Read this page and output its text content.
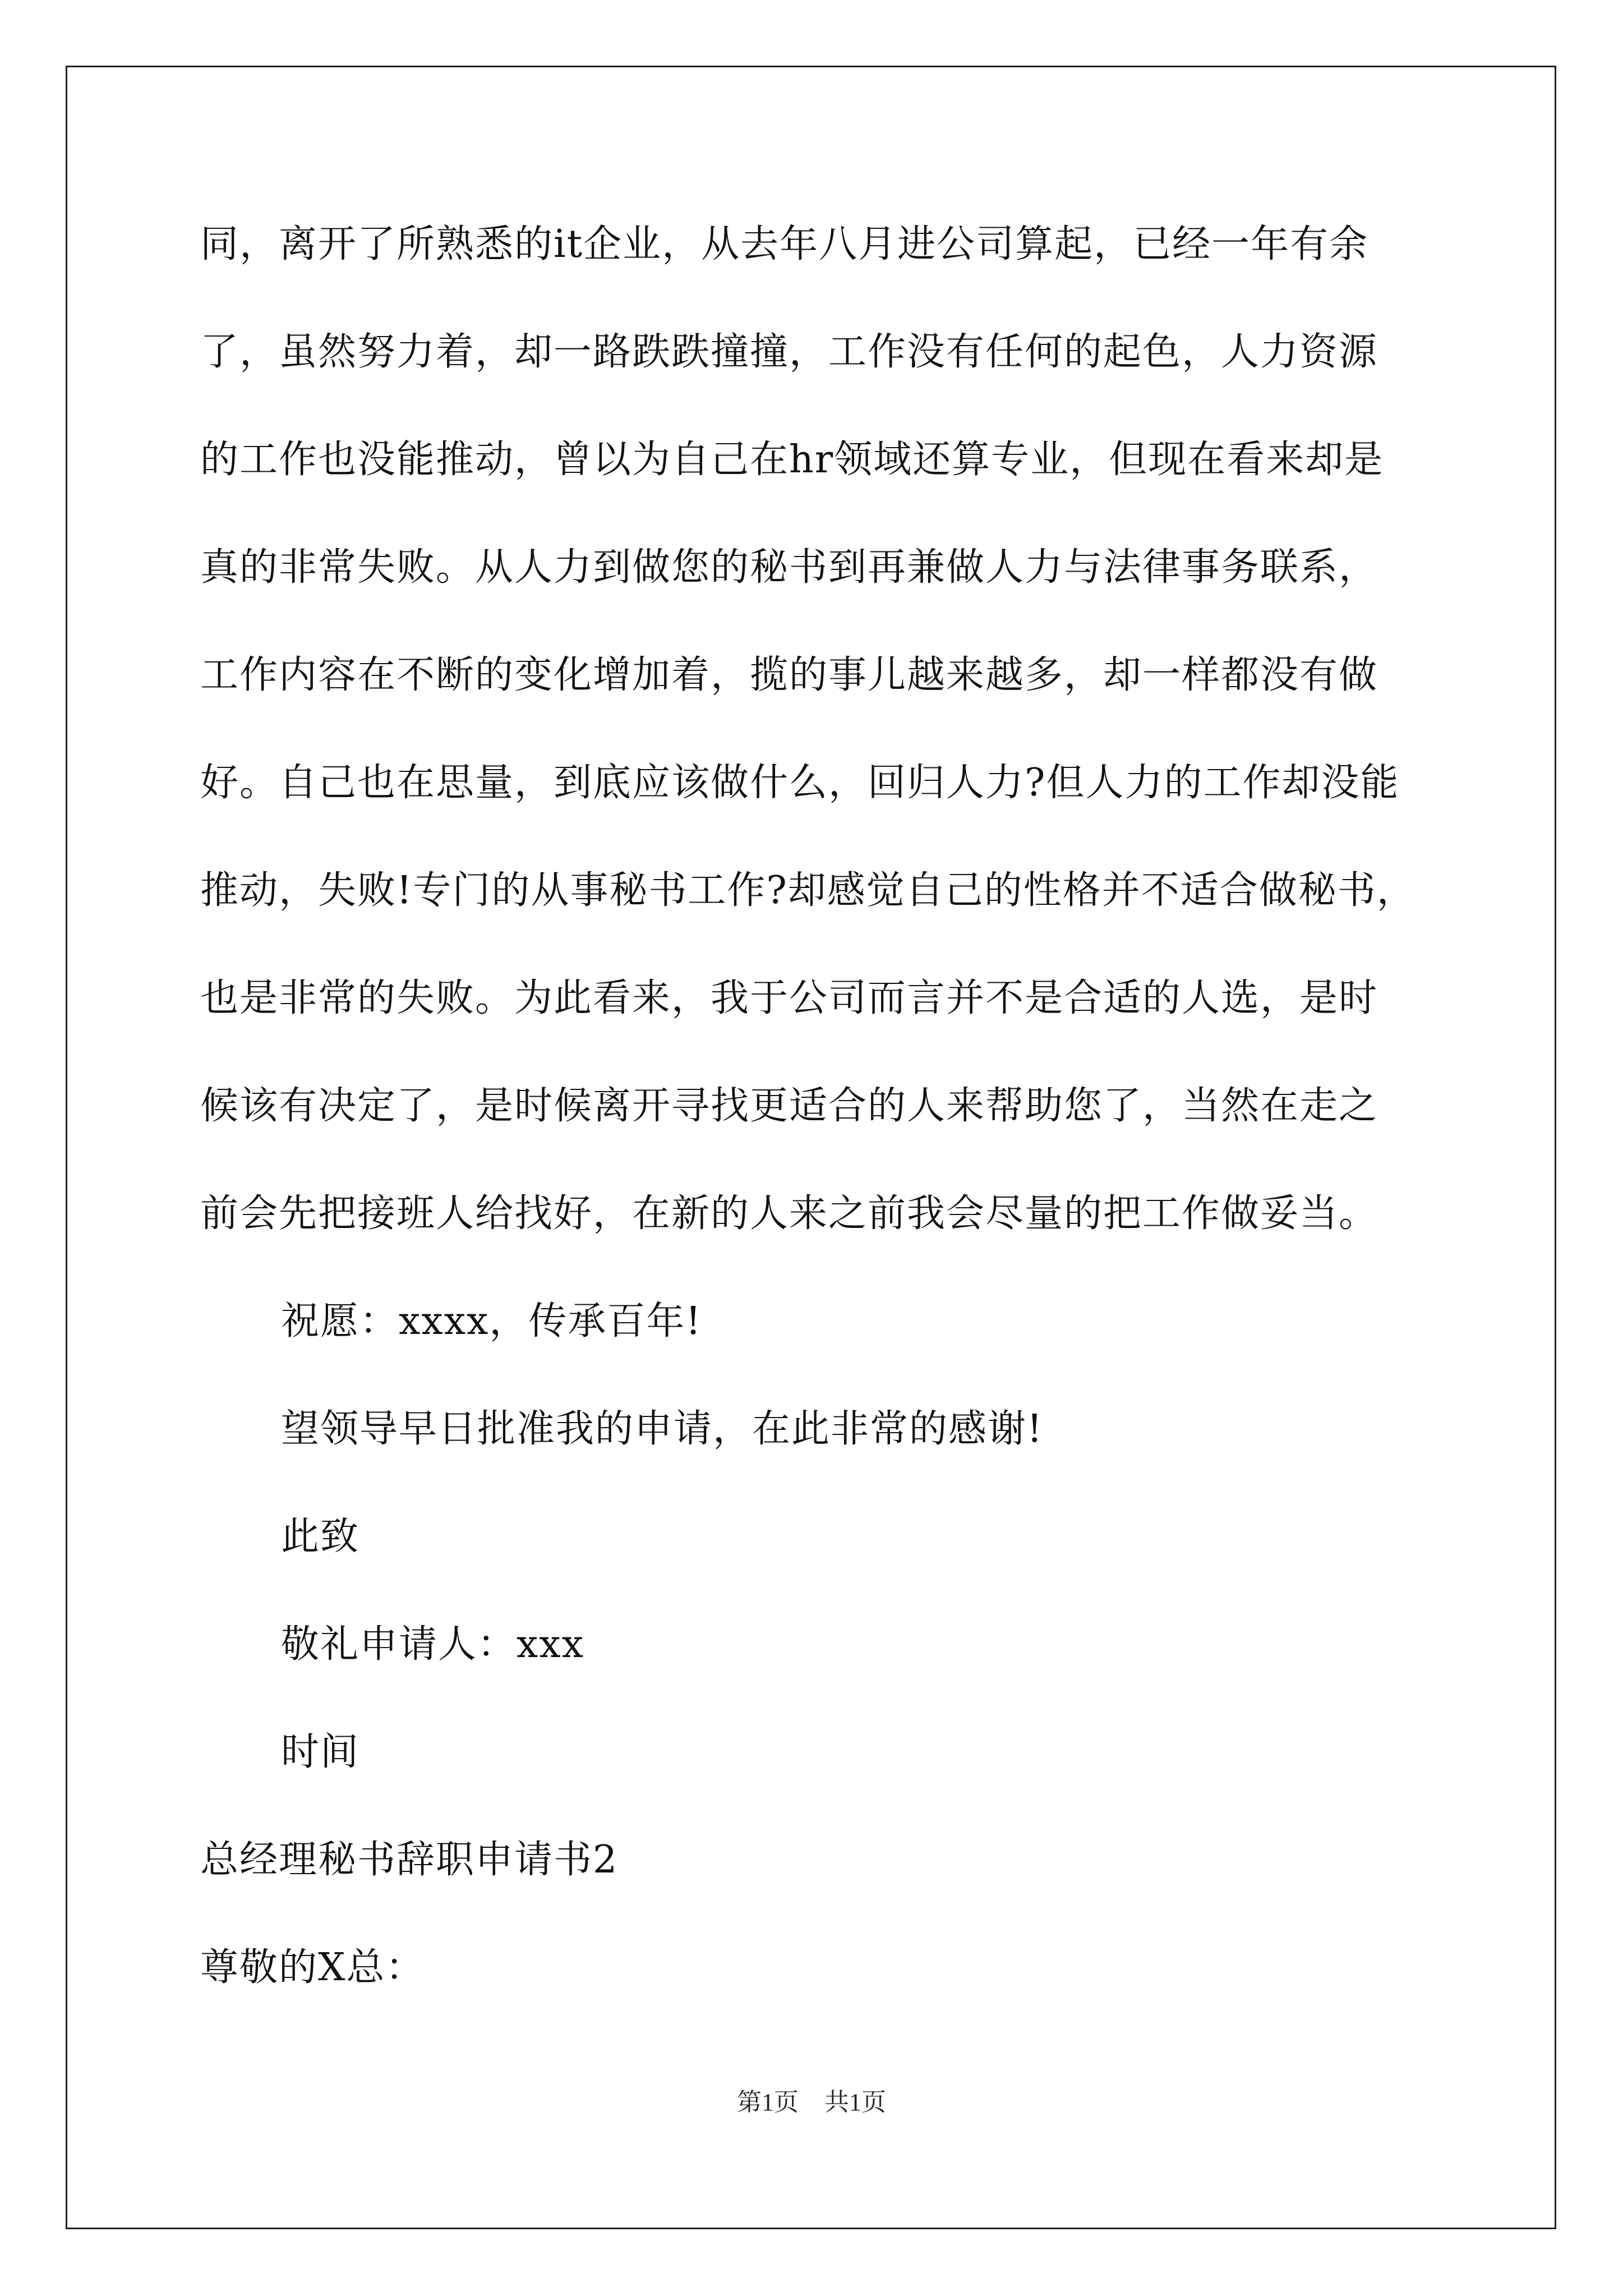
同，离开了所熟悉的it企业，从去年八月进公司算起，已经一年有余
了，虽然努力着，却一路跌跌撞撞，工作没有任何的起色，人力资源
的工作也没能推动，曾以为自己在hr领域还算专业，但现在看来却是
真的非常失败。从人力到做您的秘书到再兼做人力与法律事务联系，
工作内容在不断的变化增加着，揽的事儿越来越多，却一样都没有做
好。自己也在思量，到底应该做什么，回归人力?但人力的工作却没能
推动，失败!专门的从事秘书工作?却感觉自己的性格并不适合做秘书，
也是非常的失败。为此看来，我于公司而言并不是合适的人选，是时
候该有决定了，是时候离开寻找更适合的人来帮助您了，当然在走之
前会先把接班人给找好，在新的人来之前我会尽量的把工作做妥当。
祝愿：xxxx，传承百年!
望领导早日批准我的申请，在此非常的感谢!
此致
敬礼申请人：xxx
时间
总经理秘书辞职申请书2
尊敬的X总：
第1页 共1页
